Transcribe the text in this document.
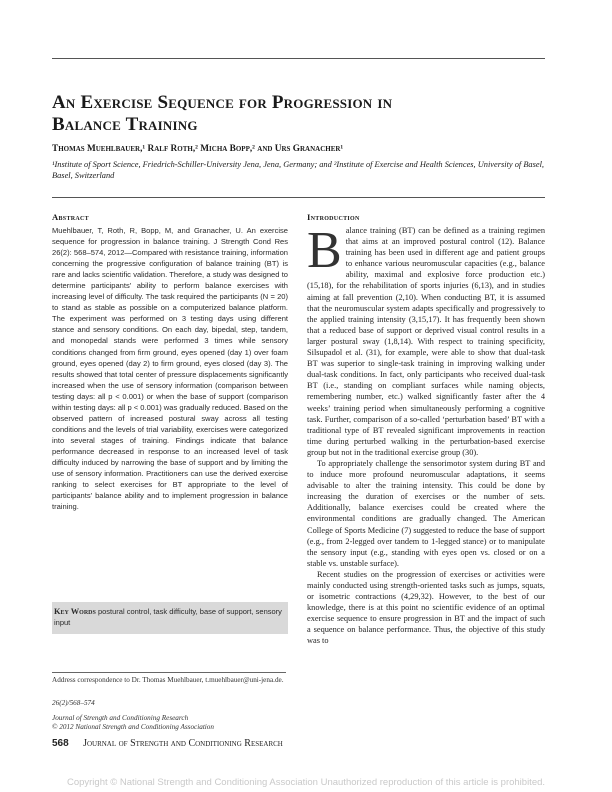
An Exercise Sequence for Progression in
Balance Training
Thomas Muehlbauer,¹ Ralf Roth,² Micha Bopp,² and Urs Granacher¹
¹Institute of Sport Science, Friedrich-Schiller-University Jena, Jena, Germany; and ²Institute of Exercise and Health Sciences, University of Basel, Basel, Switzerland
Abstract
Muehlbauer, T, Roth, R, Bopp, M, and Granacher, U. An exercise sequence for progression in balance training. J Strength Cond Res 26(2): 568–574, 2012—Compared with resistance training, information concerning the progressive configuration of balance training (BT) is rare and lacks scientific validation. Therefore, a study was designed to determine participants’ ability to perform balance exercises with increasing level of difficulty. The task required the participants (N = 20) to stand as stable as possible on a computerized balance platform. The experiment was performed on 3 testing days using different stance and sensory conditions. On each day, bipedal, step, tandem, and monopedal stands were performed 3 times while sensory conditions changed from firm ground, eyes opened (day 1) over foam ground, eyes opened (day 2) to firm ground, eyes closed (day 3). The results showed that total center of pressure displacements significantly increased when the use of sensory information (comparison between testing days: all p < 0.001) or when the base of support (comparison within testing days: all p < 0.001) was gradually reduced. Based on the observed pattern of increased postural sway across all testing conditions and the levels of trial variability, exercises were categorized into several stages of training. Findings indicate that balance performance decreased in response to an increased level of task difficulty induced by narrowing the base of support and by limiting the use of sensory information. Practitioners can use the derived exercise ranking to select exercises for BT appropriate to the level of participants’ balance ability and to implement progression in balance training.
Key Words postural control, task difficulty, base of support, sensory input
Address correspondence to Dr. Thomas Muehlbauer, t.muehlbauer@uni-jena.de.
26(2)/568–574
Journal of Strength and Conditioning Research
© 2012 National Strength and Conditioning Association
568 Journal of Strength and Conditioning Research
Introduction

B alance training (BT) can be defined as a training regimen that aims at an improved postural control (12). Balance training has been used in different age and patient groups to enhance various neuromuscular capacities (e.g., balance ability, maximal and explosive force production etc.) (15,18), for the rehabilitation of sports injuries (6,13), and in studies aiming at fall prevention (2,10). When conducting BT, it is assumed that the neuromuscular system adapts specifically and progressively to the applied training intensity (3,15,17). It has frequently been shown that a reduced base of support or deprived visual control results in a larger postural sway (1,8,14). With respect to training specificity, Silsupadol et al. (31), for example, were able to show that dual-task BT was superior to single-task training in improving walking under dual-task conditions. In fact, only participants who received dual-task BT (i.e., standing on compliant surfaces while naming objects, remembering number, etc.) walked significantly faster after the 4 weeks’ training period when simultaneously performing a cognitive task. Further, comparison of a so-called ‘perturbation based’ BT with a traditional type of BT revealed significant improvements in reaction time during perturbed walking in the perturbation-based exercise group but not in the traditional exercise group (30).

To appropriately challenge the sensorimotor system during BT and to induce more profound neuromuscular adaptations, it seems advisable to alter the training intensity. This could be done by increasing the duration of exercises or the number of sets. Additionally, balance exercises could be created where the environmental conditions are gradually changed. The American College of Sports Medicine (7) suggested to reduce the base of support (e.g., from 2-legged over tandem to 1-legged stance) or to manipulate the sensory input (e.g., standing with eyes open vs. closed or on a stable vs. unstable surface).

Recent studies on the progression of exercises or activities were mainly conducted using strength-oriented tasks such as jumps, squats, or isometric contractions (4,29,32). However, to the best of our knowledge, there is at this point no scientific evidence of an optimal exercise sequence to ensure progression in BT and the impact of such a sequence on balance performance. Thus, the objective of this study was to

Copyright © National Strength and Conditioning Association Unauthorized reproduction of this article is prohibited.
